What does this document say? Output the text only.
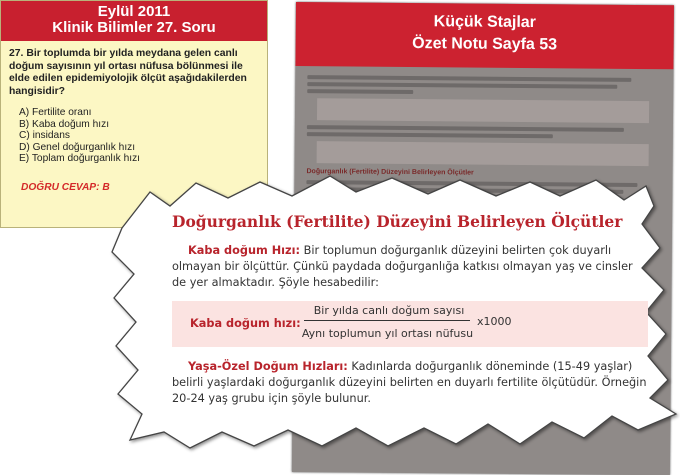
Eylül 2011
Klinik Bilimler 27. Soru
27. Bir toplumda bir yılda meydana gelen canlı doğum sayısının yıl ortası nüfusa bölünmesi ile elde edilen epidemiyolojik ölçüt aşağıdakilerden hangisidir?
A) Fertilite oranı
B) Kaba doğum hızı
C) insidans
D) Genel doğurganlık hızı
E) Toplam doğurganlık hızı
DOĞRU CEVAP: B
Küçük Stajlar
Özet Notu Sayfa 53
Doğurganlık (Fertilite) Düzeyini Belirleyen Ölçütler
Doğurganlık (Fertilite) Düzeyini Belirleyen Ölçütler
Kaba doğum Hızı: Bir toplumun doğurganlık düzeyini belirten çok duyarlı olmayan bir ölçüttür. Çünkü paydada doğurganlığa katkısı olmayan yaş ve cinsler de yer almaktadır. Şöyle hesabedilir:
Kaba doğum hızı:
Bir yılda canlı doğum sayısı
Aynı toplumun yıl ortası nüfusu
x1000
Yaşa-Özel Doğum Hızları: Kadınlarda doğurganlık döneminde (15-49 yaşlar) belirli yaşlardaki doğurganlık düzeyini belirten en duyarlı fertilite ölçütüdür. Örneğin 20-24 yaş grubu için şöyle bulunur.
